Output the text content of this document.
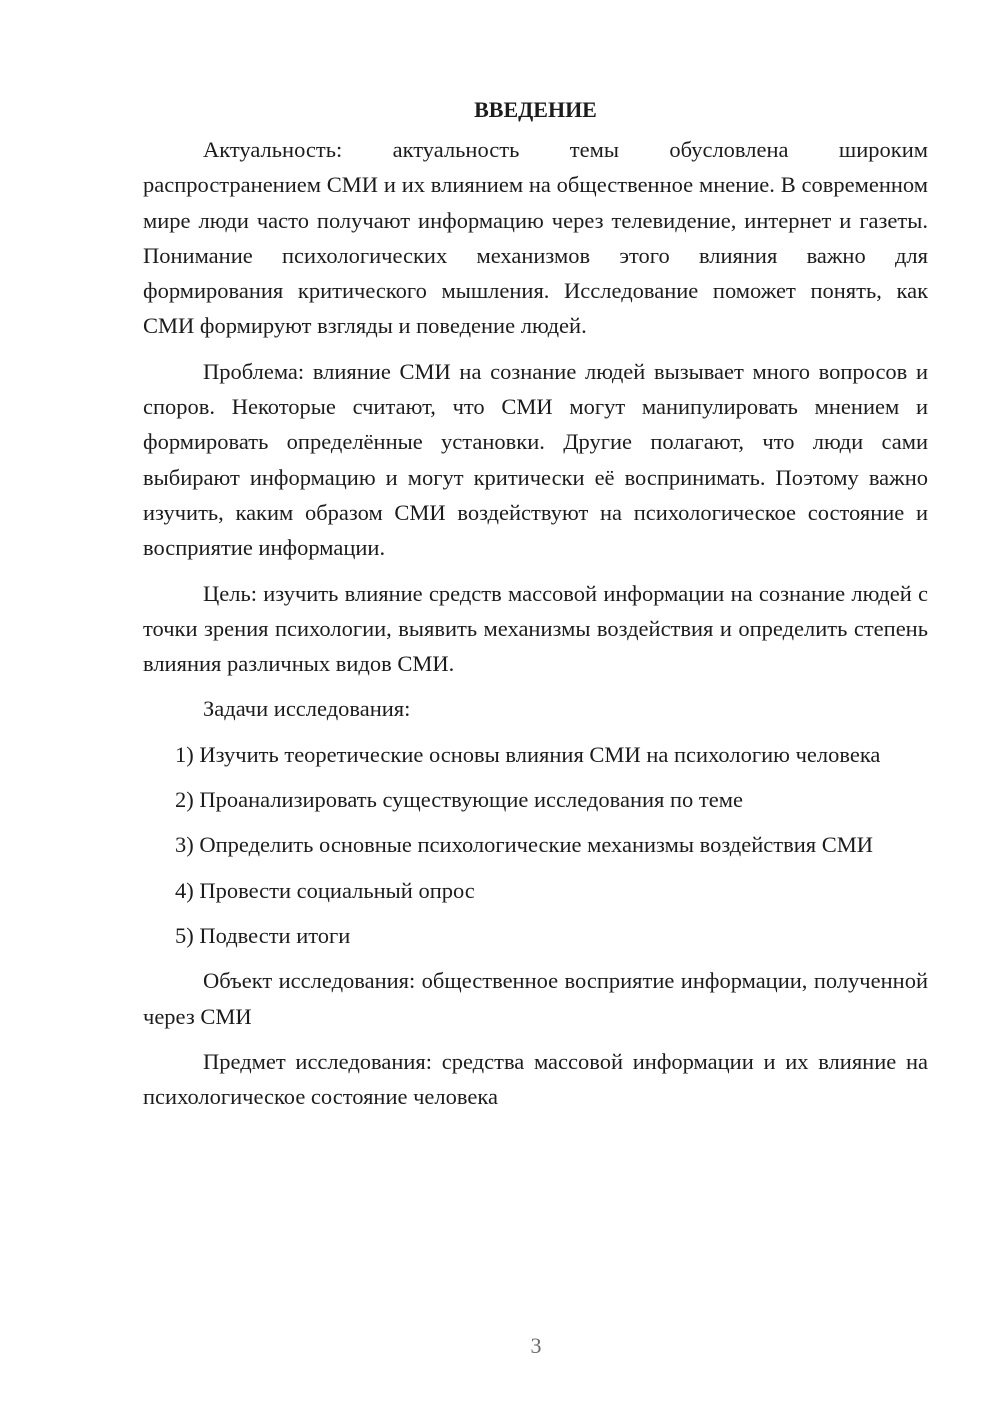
ВВЕДЕНИЕ

Актуальность: актуальность темы обусловлена широким распространением СМИ и их влиянием на общественное мнение. В современном мире люди часто получают информацию через телевидение, интернет и газеты. Понимание психологических механизмов этого влияния важно для формирования критического мышления. Исследование поможет понять, как СМИ формируют взгляды и поведение людей.

Проблема: влияние СМИ на сознание людей вызывает много вопросов и споров. Некоторые считают, что СМИ могут манипулировать мнением и формировать определённые установки. Другие полагают, что люди сами выбирают информацию и могут критически её воспринимать. Поэтому важно изучить, каким образом СМИ воздействуют на психологическое состояние и восприятие информации.

Цель: изучить влияние средств массовой информации на сознание людей с точки зрения психологии, выявить механизмы воздействия и определить степень влияния различных видов СМИ.

Задачи исследования:

1) Изучить теоретические основы влияния СМИ на психологию человека

2) Проанализировать существующие исследования по теме

3) Определить основные психологические механизмы воздействия СМИ

4) Провести социальный опрос

5) Подвести итоги

Объект исследования: общественное восприятие информации, полученной через СМИ

Предмет исследования: средства массовой информации и их влияние на психологическое состояние человека

3
